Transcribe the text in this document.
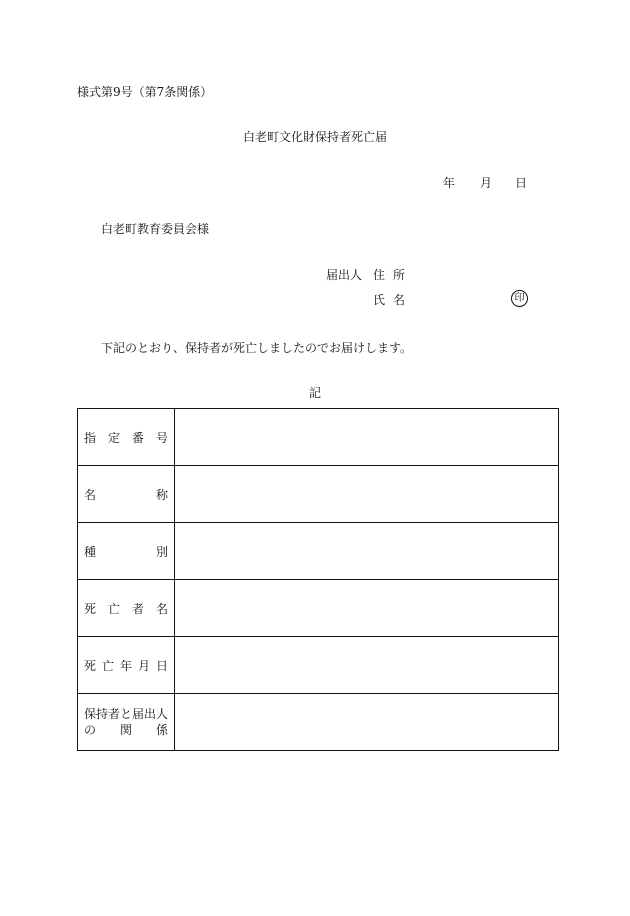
様式第9号（第7条関係）
白老町文化財保持者死亡届
年 月 日
白老町教育委員会様
届出人 住所
氏名	印
下記のとおり、保持者が死亡しましたのでお届けします。
記
指 定 番 号	

名 称	

種 別	

死 亡 者 名	

死 亡 年 月 日	

保持者と届出人
の 関 係	
